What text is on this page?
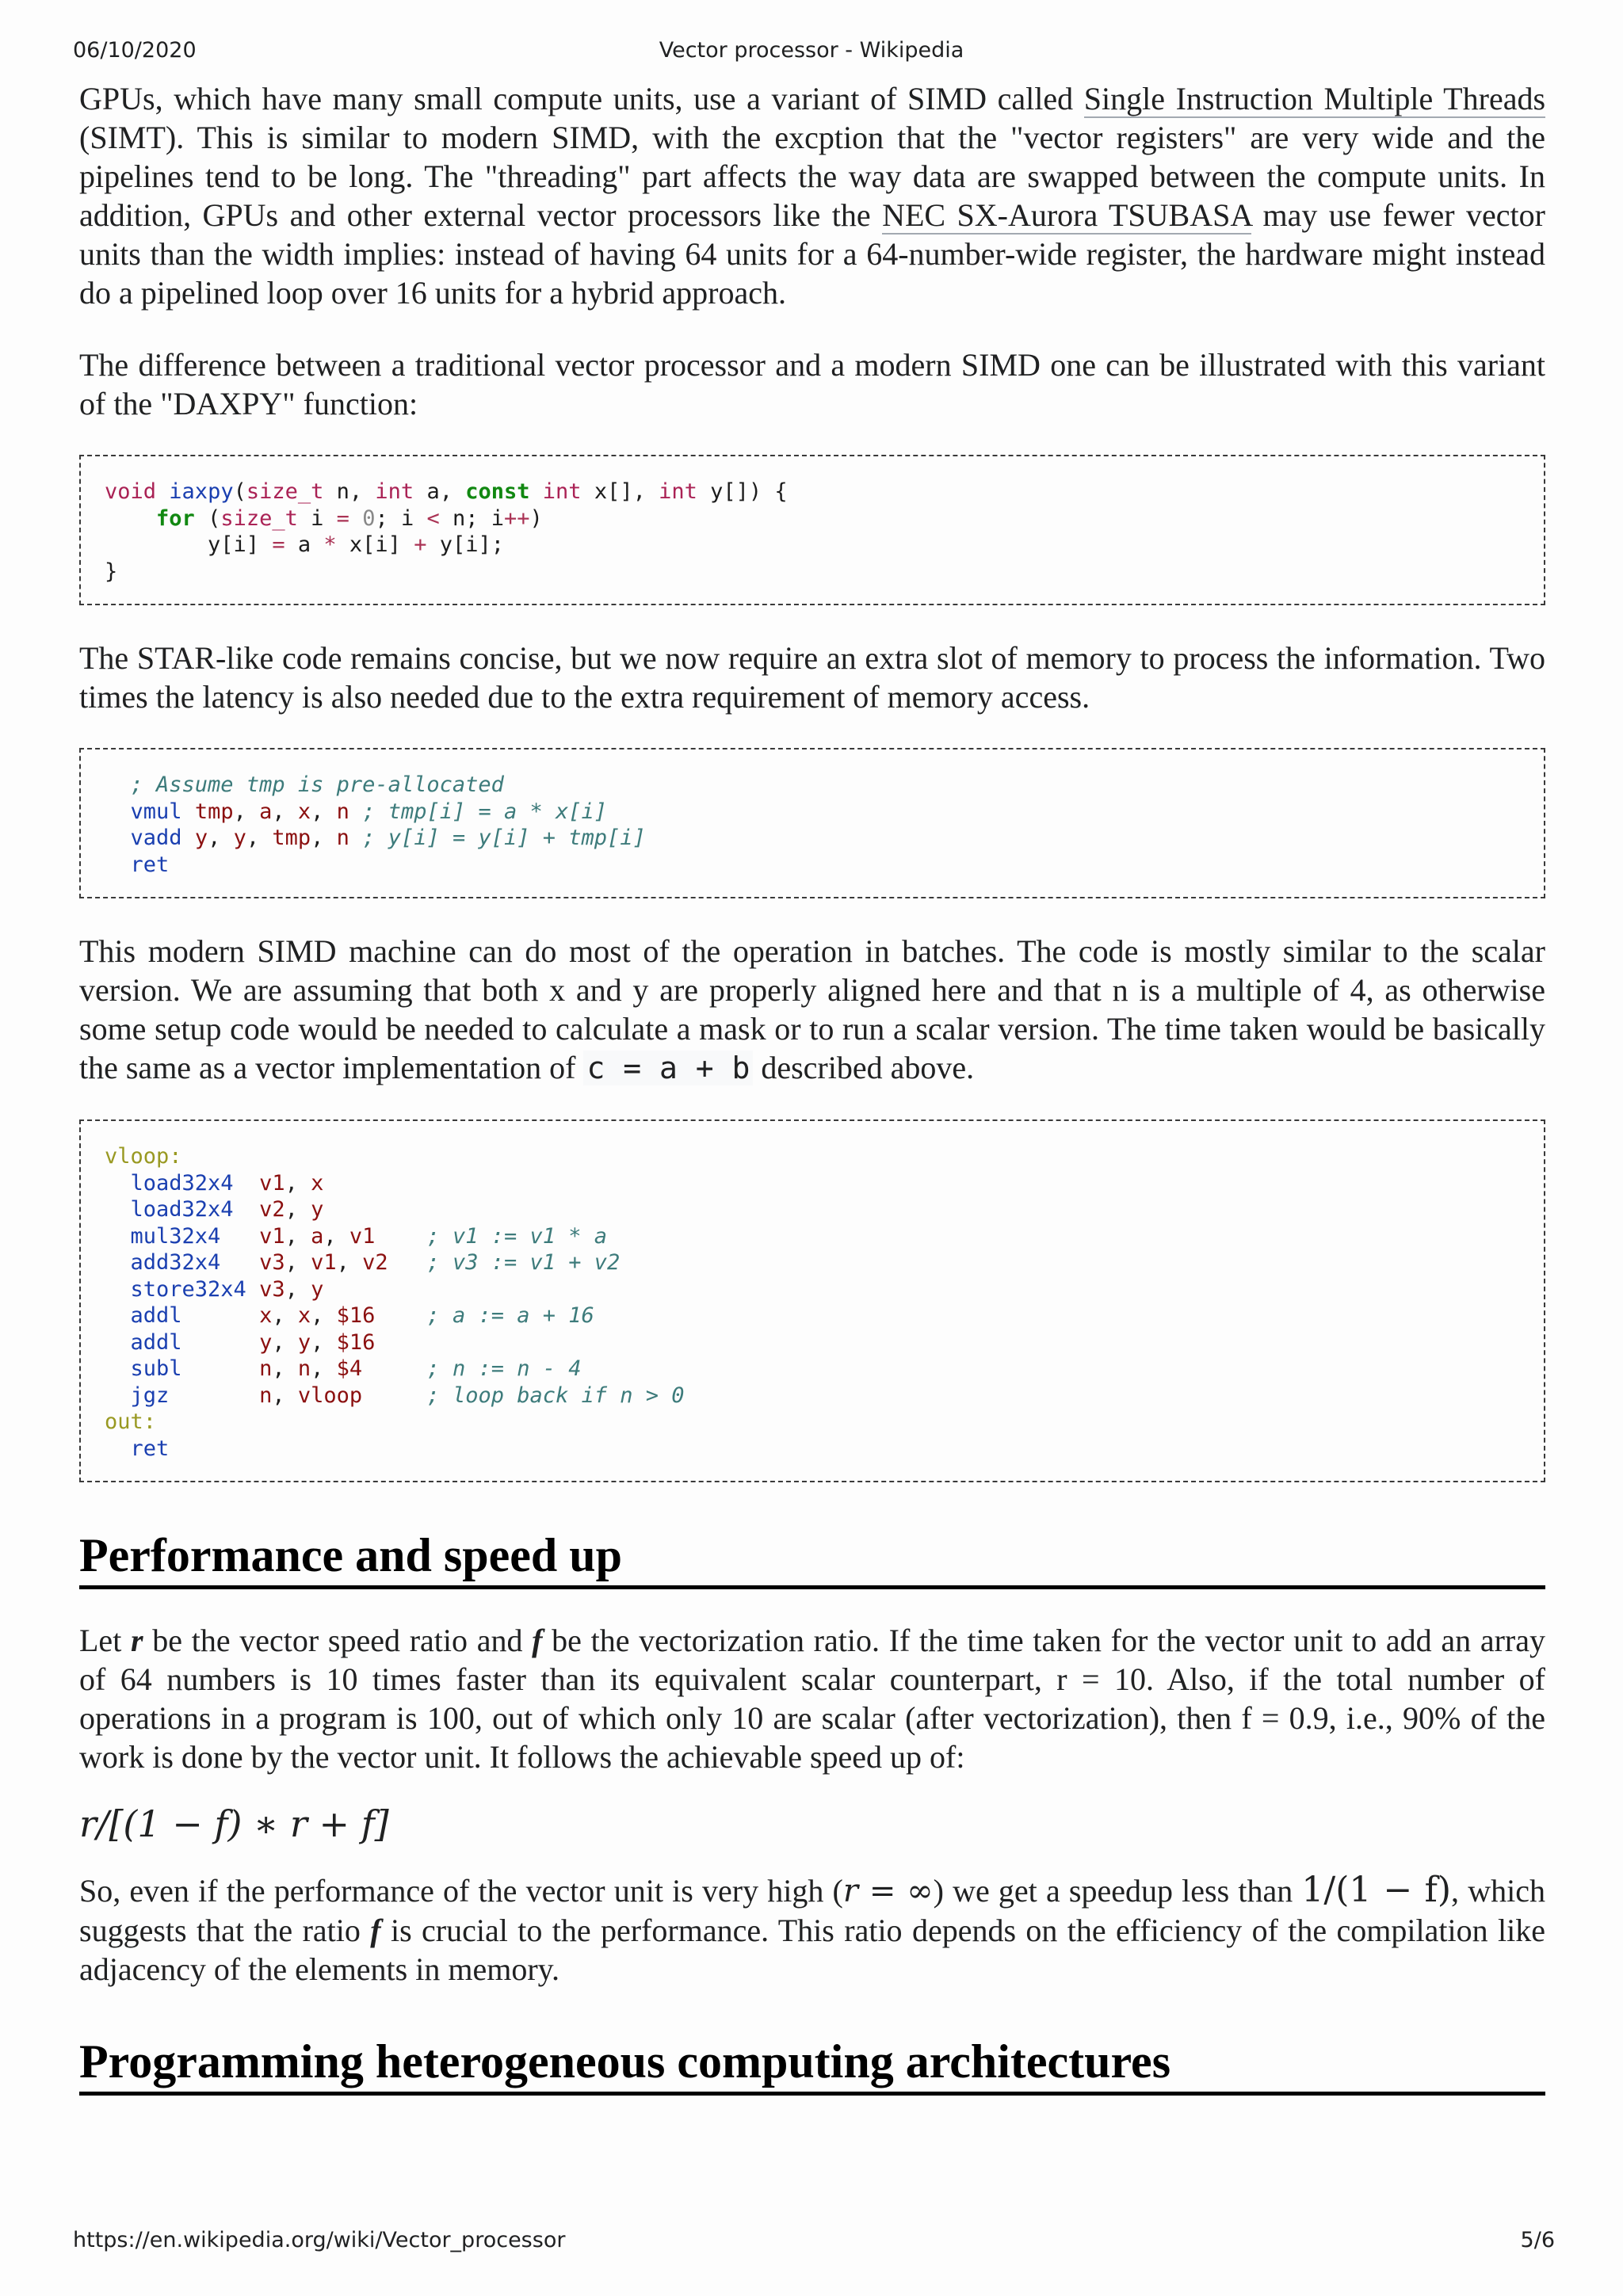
06/10/2020	Vector processor - Wikipedia

GPUs, which have many small compute units, use a variant of SIMD called Single Instruction Multiple Threads (SIMT). This is similar to modern SIMD, with the excption that the "vector registers" are very wide and the pipelines tend to be long. The "threading" part affects the way data are swapped between the compute units. In addition, GPUs and other external vector processors like the NEC SX-Aurora TSUBASA may use fewer vector units than the width implies: instead of having 64 units for a 64-number-wide register, the hardware might instead do a pipelined loop over 16 units for a hybrid approach.

The difference between a traditional vector processor and a modern SIMD one can be illustrated with this variant of the "DAXPY" function:

void iaxpy(size_t n, int a, const int x[], int y[]) {
for (size_t i = 0; i < n; i++)
y[i] = a * x[i] + y[i];
}

The STAR-like code remains concise, but we now require an extra slot of memory to process the information. Two times the latency is also needed due to the extra requirement of memory access.

; Assume tmp is pre-allocated
vmul tmp, a, x, n ; tmp[i] = a * x[i]
vadd y, y, tmp, n ; y[i] = y[i] + tmp[i]
ret

This modern SIMD machine can do most of the operation in batches. The code is mostly similar to the scalar version. We are assuming that both x and y are properly aligned here and that n is a multiple of 4, as otherwise some setup code would be needed to calculate a mask or to run a scalar version. The time taken would be basically the same as a vector implementation of c = a + b described above.

vloop:
load32x4 v1, x
load32x4 v2, y
mul32x4 v1, a, v1 ; v1 := v1 * a
add32x4 v3, v1, v2 ; v3 := v1 + v2
store32x4 v3, y
addl	x, x, $16 ; a := a + 16
addl	y, y, $16
subl	n, n, $4	; n := n - 4
jgz	n, vloop	; loop back if n > 0
out:
ret
Performance and speed up

Let r be the vector speed ratio and f be the vectorization ratio. If the time taken for the vector unit to add an array of 64 numbers is 10 times faster than its equivalent scalar counterpart, r = 10. Also, if the total number of operations in a program is 100, out of which only 10 are scalar (after vectorization), then f = 0.9, i.e., 90% of the work is done by the vector unit. It follows the achievable speed up of:

r/[(1 − f) ∗ r + f]

So, even if the performance of the vector unit is very high (r = ∞) we get a speedup less than 1/(1 − f), which suggests that the ratio f is crucial to the performance. This ratio depends on the efficiency of the compilation like adjacency of the elements in memory.

Programming heterogeneous computing architectures
https://en.wikipedia.org/wiki/Vector_processor	5/6
